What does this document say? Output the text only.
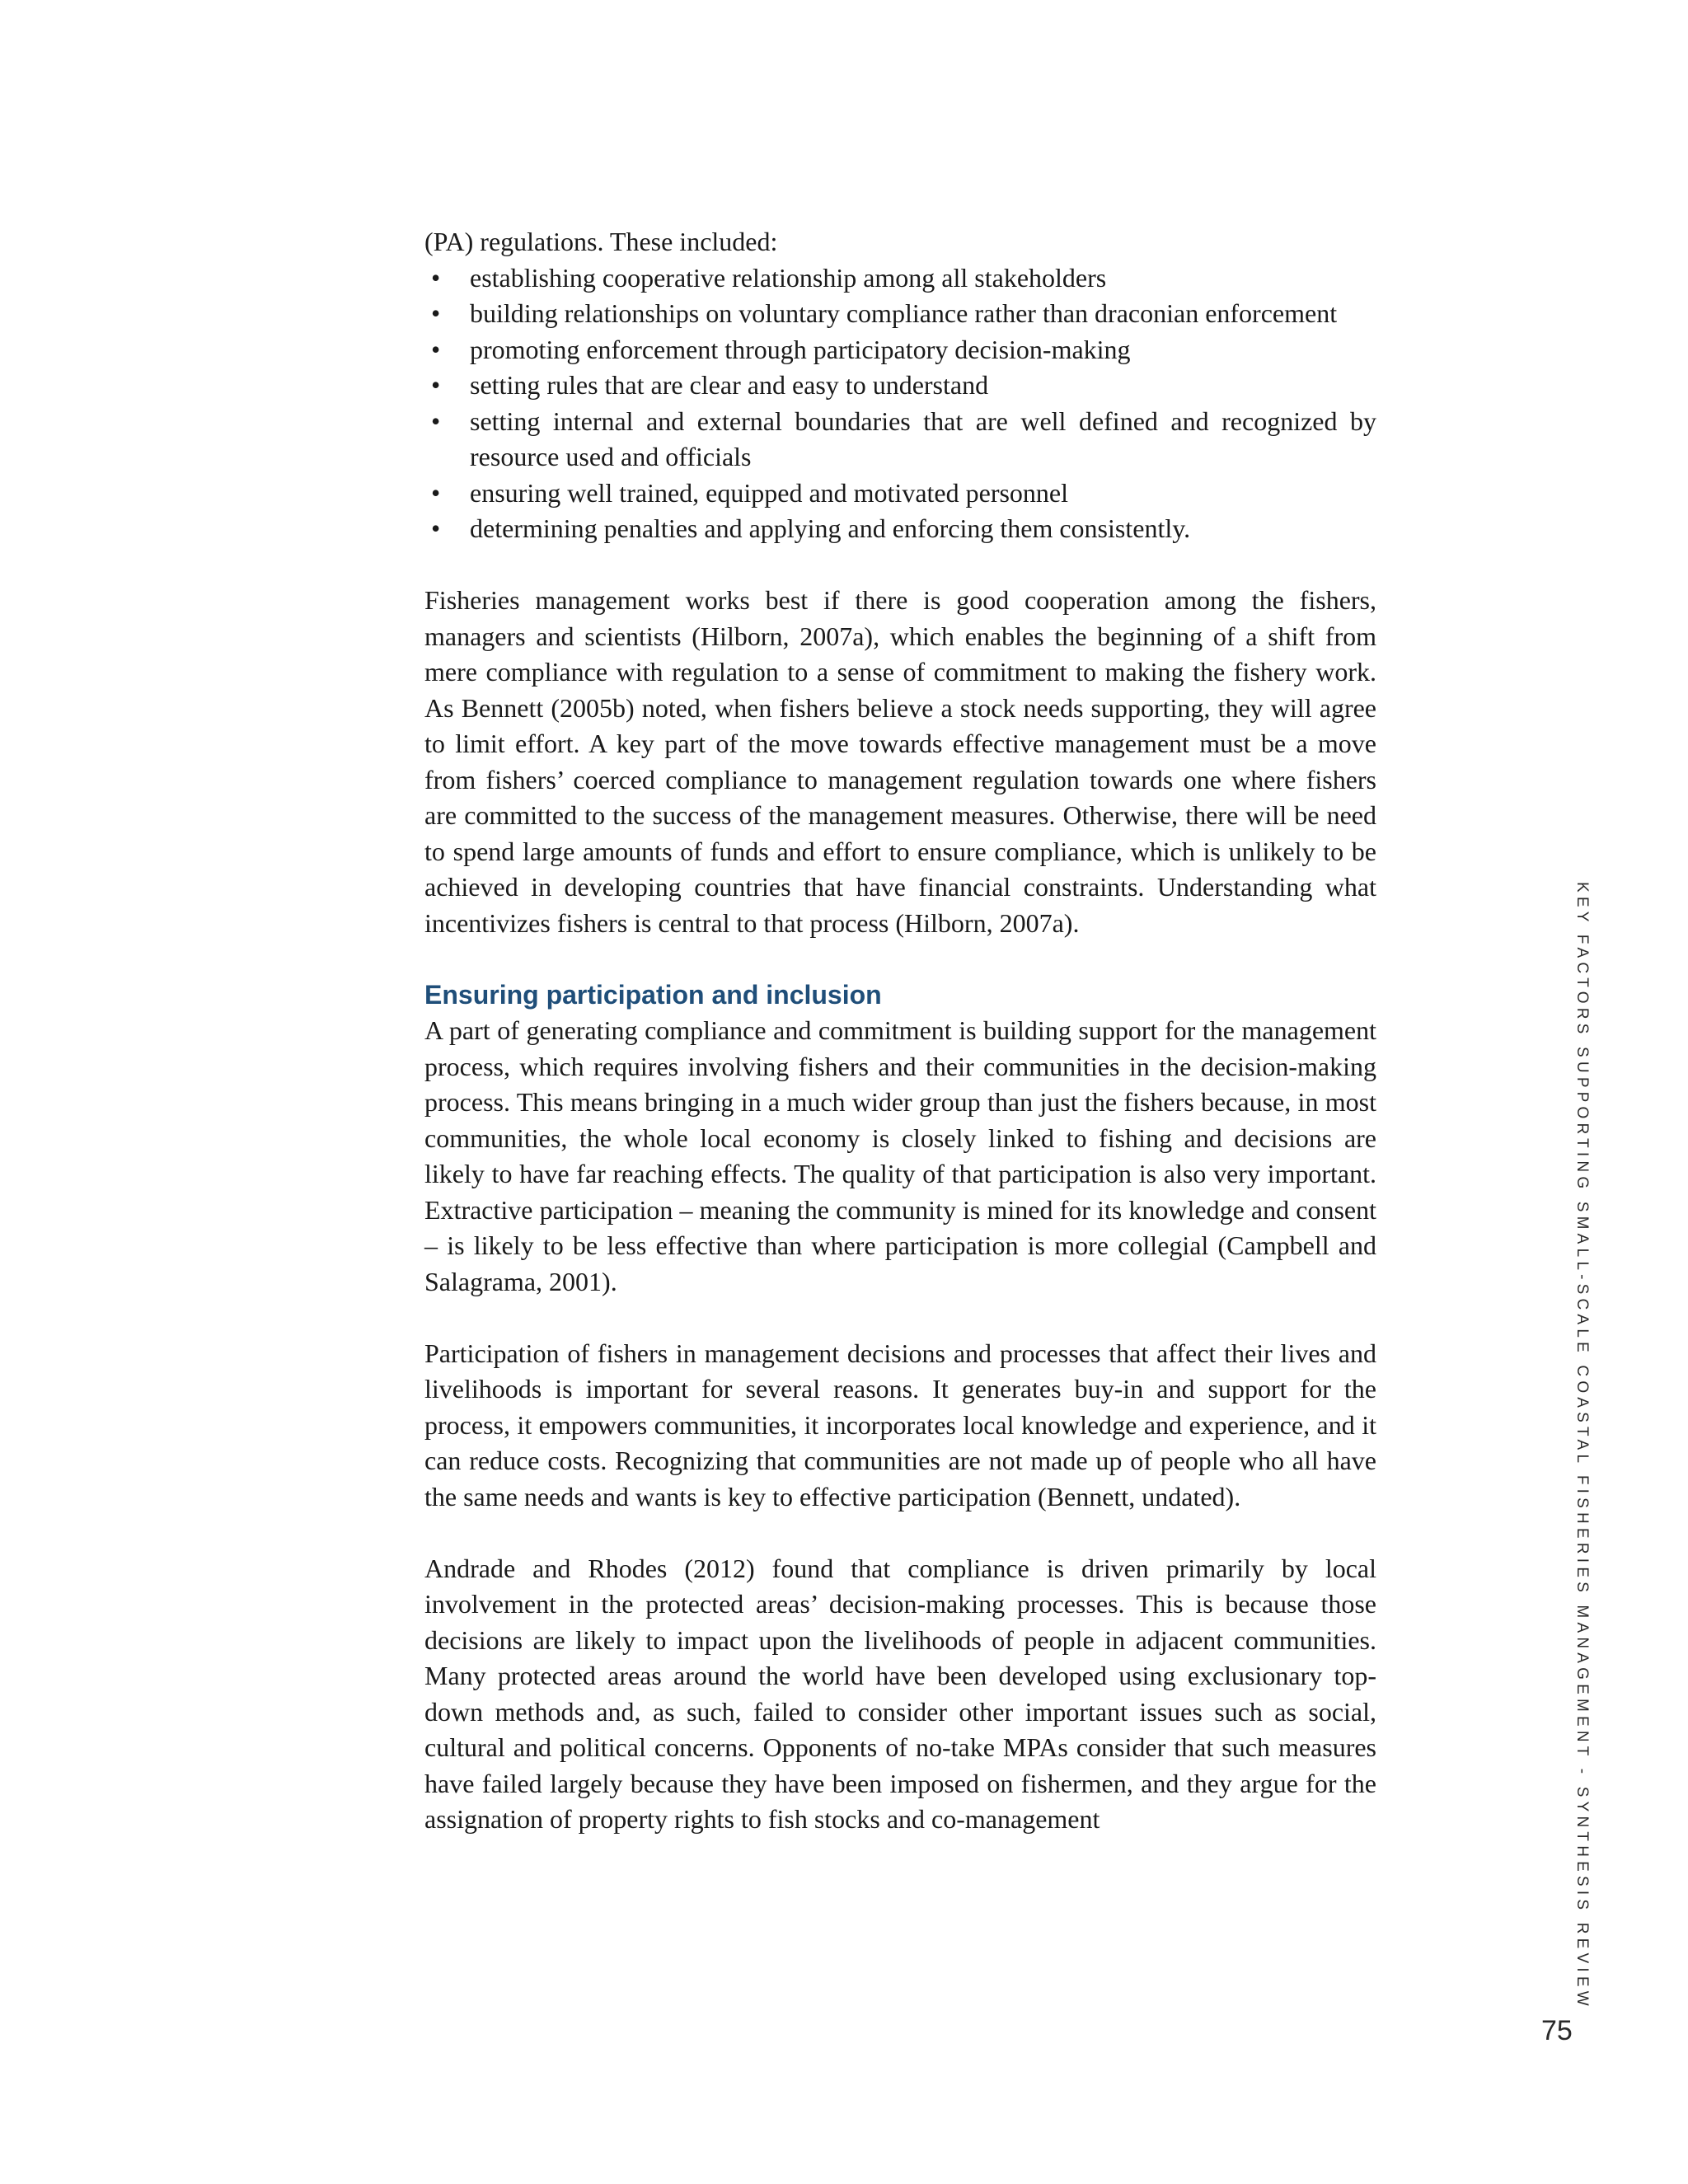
(PA) regulations. These included:

• establishing cooperative relationship among all stakeholders
• building relationships on voluntary compliance rather than draconian enforcement
• promoting enforcement through participatory decision-making
• setting rules that are clear and easy to understand
• setting internal and external boundaries that are well defined and recognized by resource used and officials
• ensuring well trained, equipped and motivated personnel
• determining penalties and applying and enforcing them consistently.

Fisheries management works best if there is good cooperation among the fishers, managers and scientists (Hilborn, 2007a), which enables the beginning of a shift from mere compliance with regulation to a sense of commitment to making the fishery work. As Bennett (2005b) noted, when fishers believe a stock needs supporting, they will agree to limit effort. A key part of the move towards effective management must be a move from fishers’ coerced compliance to management regulation towards one where fishers are committed to the success of the management measures. Otherwise, there will be need to spend large amounts of funds and effort to ensure compliance, which is unlikely to be achieved in developing countries that have financial constraints. Understanding what incentivizes fishers is central to that process (Hilborn, 2007a).

Ensuring participation and inclusion

A part of generating compliance and commitment is building support for the management process, which requires involving fishers and their communities in the decision-making process. This means bringing in a much wider group than just the fishers because, in most communities, the whole local economy is closely linked to fishing and decisions are likely to have far reaching effects. The quality of that participation is also very important. Extractive participation – meaning the community is mined for its knowledge and consent – is likely to be less effective than where participation is more collegial (Campbell and Salagrama, 2001).

Participation of fishers in management decisions and processes that affect their lives and livelihoods is important for several reasons. It generates buy-in and support for the process, it empowers communities, it incorporates local knowledge and experience, and it can reduce costs. Recognizing that communities are not made up of people who all have the same needs and wants is key to effective participation (Bennett, undated).

Andrade and Rhodes (2012) found that compliance is driven primarily by local involvement in the protected areas’ decision-making processes. This is because those decisions are likely to impact upon the livelihoods of people in adjacent communities. Many protected areas around the world have been developed using exclusionary top-down methods and, as such, failed to consider other important issues such as social, cultural and political concerns. Opponents of no-take MPAs consider that such measures have failed largely because they have been imposed on fishermen, and they argue for the assignation of property rights to fish stocks and co-management	KEY FACTORS SUPPORTING SMALL-SCALE COASTAL FISHERIES MANAGEMENT - SYNTHESIS REVIEW
75
